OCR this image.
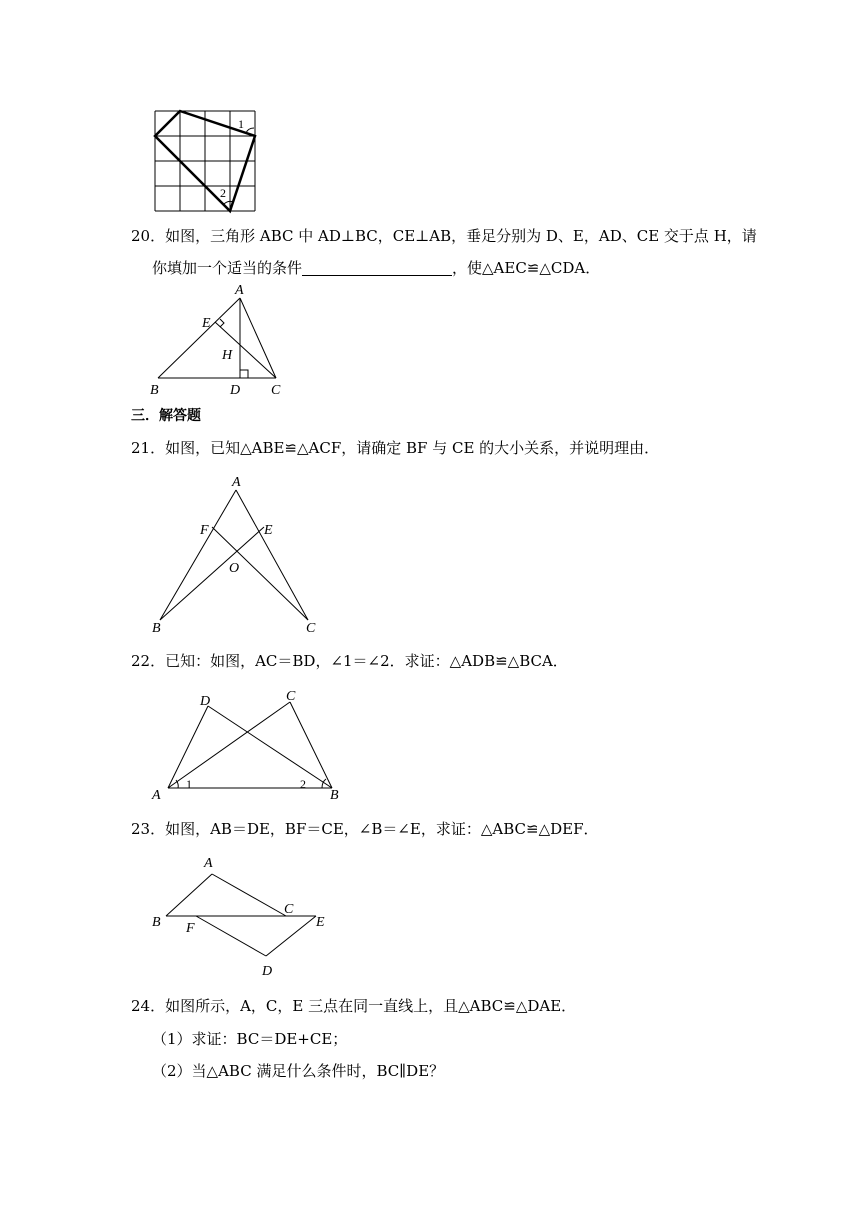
1
2
20．如图，三角形 ABC 中 AD⊥BC，CE⊥AB，垂足分别为 D、E，AD、CE 交于点 H，请
你填加一个适当的条件	，使△AEC≌△CDA．
A
E
H
B	D C
三．解答题
21．如图，已知△ABE≌△ACF，请确定 BF 与 CE 的大小关系，并说明理由．
A
F	E
O
B	C
22．已知：如图，AC＝BD，∠1＝∠2．求证：△ADB≌△BCA．
D	C
A	B
1	2
23．如图，AB＝DE，BF＝CE，∠B＝∠E，求证：△ABC≌△DEF．
A
B
C
F	E
D
24．如图所示，A，C，E 三点在同一直线上，且△ABC≌△DAE．
（1）求证：BC＝DE+CE；
（2）当△ABC 满足什么条件时，BC∥DE？
